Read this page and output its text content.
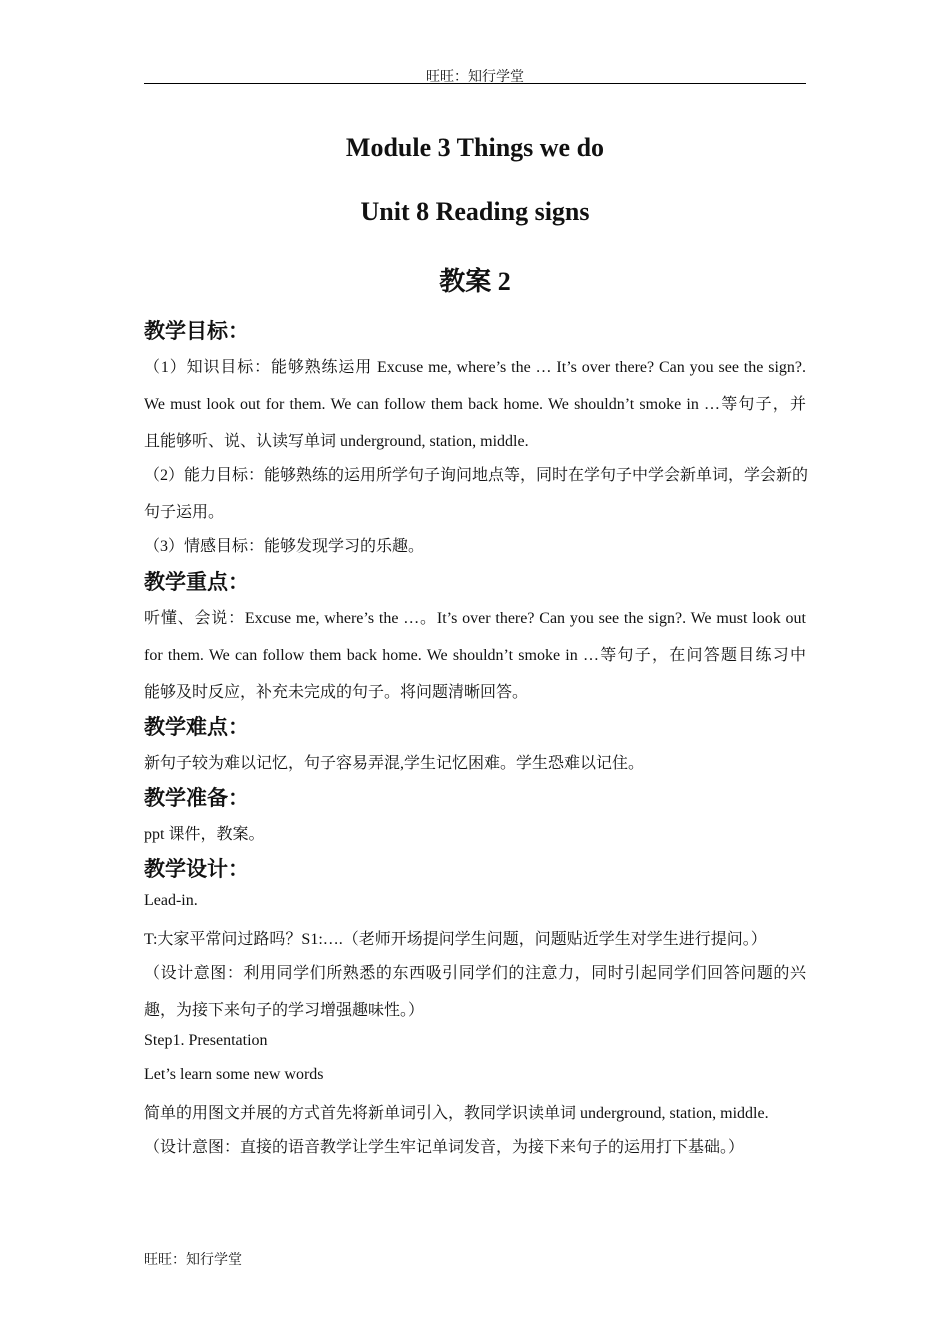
旺旺：知行学堂
Module 3 Things we do
Unit 8 Reading signs
教案 2
教学目标：
（1）知识目标：能够熟练运用 Excuse me, where’s the … It’s over there? Can you see the sign?.
We must look out for them. We can follow them back home. We shouldn’t smoke in …等句子，并
且能够听、说、认读写单词 underground, station, middle.
（2）能力目标：能够熟练的运用所学句子询问地点等，同时在学句子中学会新单词，学会新的
句子运用。
（3）情感目标：能够发现学习的乐趣。
教学重点：
听懂、会说：Excuse me, where’s the …。It’s over there? Can you see the sign?. We must look out
for them. We can follow them back home. We shouldn’t smoke in …等句子，在问答题目练习中
能够及时反应，补充未完成的句子。将问题清晰回答。
教学难点：
新句子较为难以记忆，句子容易弄混,学生记忆困难。学生恐难以记住。
教学准备：
ppt 课件，教案。
教学设计：
Lead-in.
T:大家平常问过路吗？S1:….（老师开场提问学生问题，问题贴近学生对学生进行提问。）
（设计意图：利用同学们所熟悉的东西吸引同学们的注意力，同时引起同学们回答问题的兴
趣，为接下来句子的学习增强趣味性。）
Step1. Presentation
Let’s learn some new words
简单的用图文并展的方式首先将新单词引入，教同学识读单词 underground, station, middle.
（设计意图：直接的语音教学让学生牢记单词发音，为接下来句子的运用打下基础。）
旺旺：知行学堂
